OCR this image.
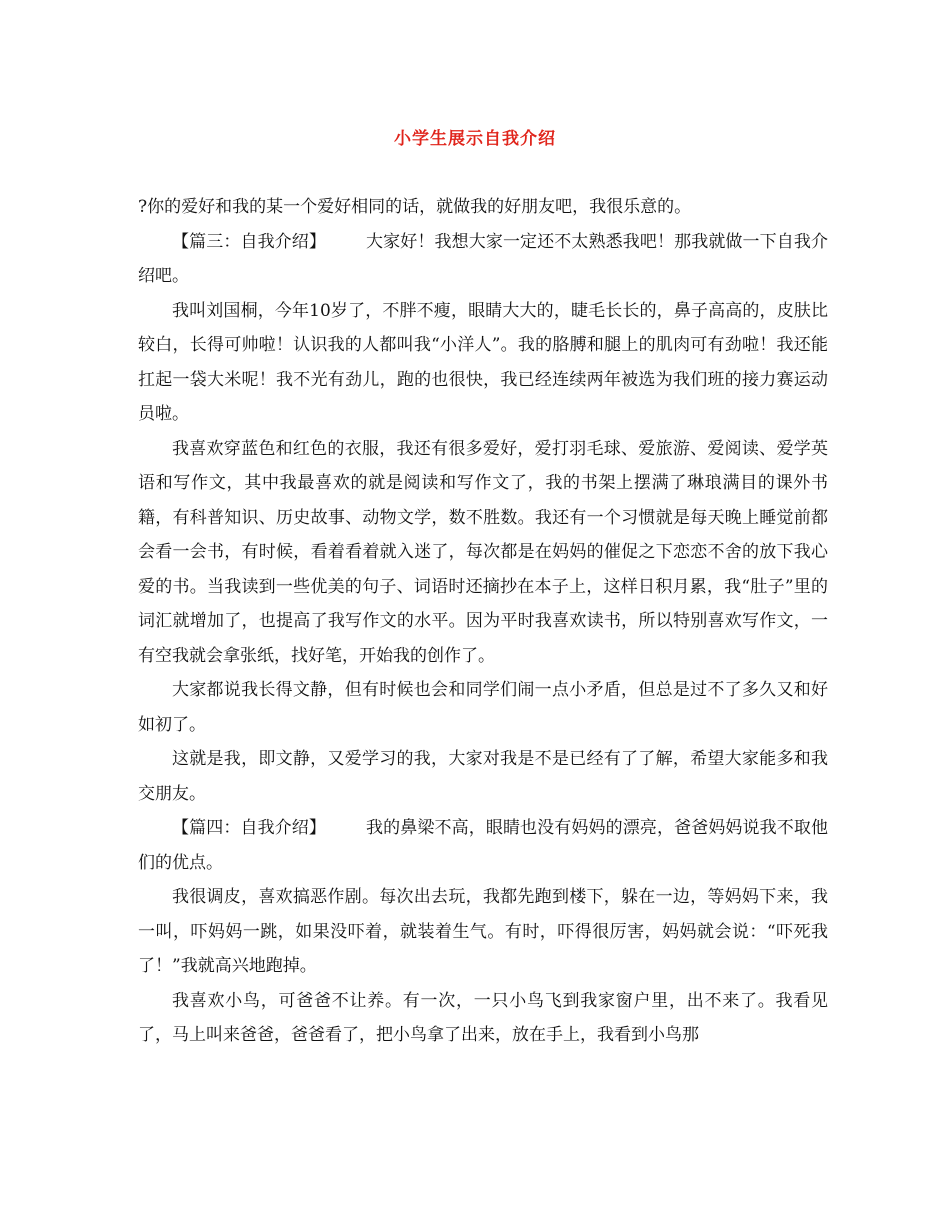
小学生展示自我介绍

?你的爱好和我的某一个爱好相同的话，就做我的好朋友吧，我很乐意的。

【篇三：自我介绍】 大家好！我想大家一定还不太熟悉我吧！那我就做一下自我介绍吧。

我叫刘国桐，今年10岁了，不胖不瘦，眼睛大大的，睫毛长长的，鼻子高高的，皮肤比较白，长得可帅啦！认识我的人都叫我“小洋人”。我的胳膊和腿上的肌肉可有劲啦！我还能扛起一袋大米呢！我不光有劲儿，跑的也很快，我已经连续两年被选为我们班的接力赛运动员啦。

我喜欢穿蓝色和红色的衣服，我还有很多爱好，爱打羽毛球、爱旅游、爱阅读、爱学英语和写作文，其中我最喜欢的就是阅读和写作文了，我的书架上摆满了琳琅满目的课外书籍，有科普知识、历史故事、动物文学，数不胜数。我还有一个习惯就是每天晚上睡觉前都会看一会书，有时候，看着看着就入迷了，每次都是在妈妈的催促之下恋恋不舍的放下我心爱的书。当我读到一些优美的句子、词语时还摘抄在本子上，这样日积月累，我“肚子”里的词汇就增加了，也提高了我写作文的水平。因为平时我喜欢读书，所以特别喜欢写作文，一有空我就会拿张纸，找好笔，开始我的创作了。

大家都说我长得文静，但有时候也会和同学们闹一点小矛盾，但总是过不了多久又和好如初了。

这就是我，即文静，又爱学习的我，大家对我是不是已经有了了解，希望大家能多和我交朋友。

【篇四：自我介绍】 我的鼻梁不高，眼睛也没有妈妈的漂亮，爸爸妈妈说我不取他们的优点。

我很调皮，喜欢搞恶作剧。每次出去玩，我都先跑到楼下，躲在一边，等妈妈下来，我一叫，吓妈妈一跳，如果没吓着，就装着生气。有时，吓得很厉害，妈妈就会说：“吓死我了！”我就高兴地跑掉。

我喜欢小鸟，可爸爸不让养。有一次，一只小鸟飞到我家窗户里，出不来了。我看见了，马上叫来爸爸，爸爸看了，把小鸟拿了出来，放在手上，我看到小鸟那
